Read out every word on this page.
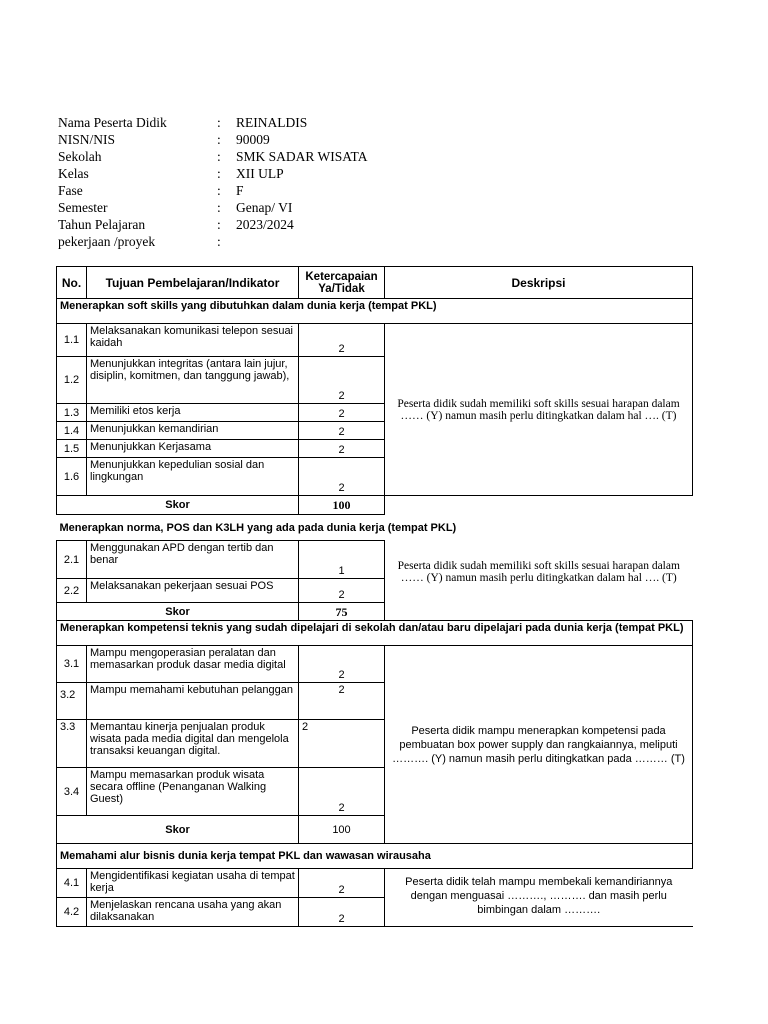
Nama Peserta Didik	: REINALDIS
NISN/NIS	: 90009
Sekolah	: SMK SADAR WISATA
Kelas	: XII ULP
Fase	: F
Semester	: Genap/ VI
Tahun Pelajaran	: 2023/2024
pekerjaan /proyek	:
No.	Tujuan Pembelajaran/Indikator	Ketercapaian Ya/Tidak	Deskripsi
Menerapkan soft skills yang dibutuhkan dalam dunia kerja (tempat PKL)			
1.1	Melaksanakan komunikasi telepon sesuai kaidah	2	Peserta didik sudah memiliki soft skills sesuai harapan dalam …… (Y) namun masih perlu ditingkatkan dalam hal …. (T)
1.2	Menunjukkan integritas (antara lain jujur, disiplin, komitmen, dan tanggung jawab),	2	
1.3	Memiliki etos kerja	2	
1.4	Menunjukkan kemandirian	2	
1.5	Menunjukkan Kerjasama	2	
1.6	Menunjukkan kepedulian sosial dan lingkungan	2	
Skor		100	
Menerapkan norma, POS dan K3LH yang ada pada dunia kerja (tempat PKL)			
2.1	Menggunakan APD dengan tertib dan benar	1	Peserta didik sudah memiliki soft skills sesuai harapan dalam …… (Y) namun masih perlu ditingkatkan dalam hal …. (T)
2.2	Melaksanakan pekerjaan sesuai POS	2	
Skor		75	
Menerapkan kompetensi teknis yang sudah dipelajari di sekolah dan/atau baru dipelajari pada dunia kerja (tempat PKL)			
3.1	Mampu mengoperasian peralatan dan memasarkan produk dasar media digital	2	Peserta didik mampu menerapkan kompetensi pada pembuatan box power supply dan rangkaiannya, meliputi ………. (Y) namun masih perlu ditingkatkan pada ……… (T)
3.2	Mampu memahami kebutuhan pelanggan	2	
3.3	Memantau kinerja penjualan produk wisata pada media digital dan mengelola transaksi keuangan digital.	2	
3.4	Mampu memasarkan produk wisata secara offline (Penanganan Walking Guest)	2	
Skor		100	
Memahami alur bisnis dunia kerja tempat PKL dan wawasan wirausaha			
4.1	Mengidentifikasi kegiatan usaha di tempat kerja	2	Peserta didik telah mampu membekali kemandiriannya dengan menguasai ………., ………. dan masih perlu bimbingan dalam ……….
4.2	Menjelaskan rencana usaha yang akan dilaksanakan	2	
